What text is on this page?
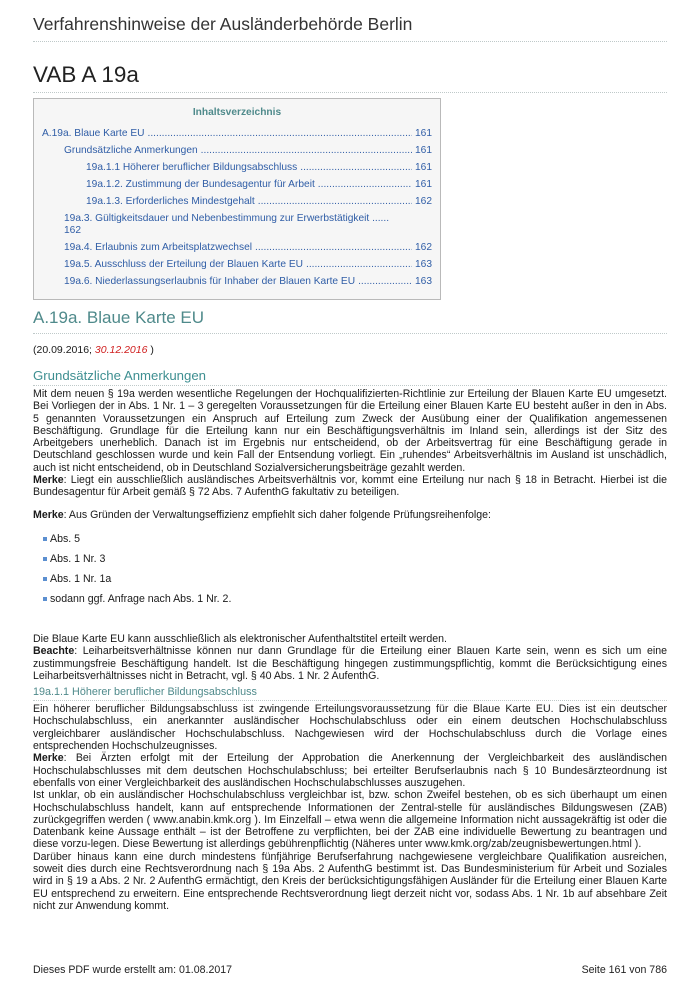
Verfahrenshinweise der Ausländerbehörde Berlin
VAB A 19a
Inhaltsverzeichnis
A.19a. Blaue Karte EU .....	161
Grundsätzliche Anmerkungen .....	161
19a.1.1 Höherer beruflicher Bildungsabschluss .....	161
19a.1.2. Zustimmung der Bundesagentur für Arbeit .....	161
19a.1.3. Erforderliches Mindestgehalt .....	162
19a.3. Gültigkeitsdauer und Nebenbestimmung zur Erwerbstätigkeit ......
162
19a.4. Erlaubnis zum Arbeitsplatzwechsel .....	162
19a.5. Ausschluss der Erteilung der Blauen Karte EU .....	163
19a.6. Niederlassungserlaubnis für Inhaber der Blauen Karte EU .....	163
A.19a. Blaue Karte EU
(20.09.2016; 30.12.2016 )
Grundsätzliche Anmerkungen

Mit dem neuen § 19a werden wesentliche Regelungen der Hochqualifizierten-Richtlinie zur Erteilung der Blauen Karte EU umgesetzt. Bei Vorliegen der in Abs. 1 Nr. 1 – 3 geregelten Voraussetzungen für die Erteilung einer Blauen Karte EU besteht außer in den in Abs. 5 genannten Voraussetzungen ein Anspruch auf Erteilung zum Zweck der Ausübung einer der Qualifikation angemessenen Beschäftigung. Grundlage für die Erteilung kann nur ein Beschäftigungsverhältnis im Inland sein, allerdings ist der Sitz des Arbeitgebers unerheblich. Danach ist im Ergebnis nur entscheidend, ob der Arbeitsvertrag für eine Beschäftigung gerade in Deutschland geschlossen wurde und kein Fall der Entsendung vorliegt. Ein „ruhendes“ Arbeitsverhältnis im Ausland ist unschädlich, auch ist nicht entscheidend, ob in Deutschland Sozialversicherungsbeiträge gezahlt werden.

Merke: Liegt ein ausschließlich ausländisches Arbeitsverhältnis vor, kommt eine Erteilung nur nach § 18 in Betracht. Hierbei ist die Bundesagentur für Arbeit gemäß § 72 Abs. 7 AufenthG fakultativ zu beteiligen.

Merke: Aus Gründen der Verwaltungseffizienz empfiehlt sich daher folgende Prüfungsreihenfolge:

Abs. 5
Abs. 1 Nr. 3
Abs. 1 Nr. 1a
sodann ggf. Anfrage nach Abs. 1 Nr. 2.

Die Blaue Karte EU kann ausschließlich als elektronischer Aufenthaltstitel erteilt werden.

Beachte: Leiharbeitsverhältnisse können nur dann Grundlage für die Erteilung einer Blauen Karte sein, wenn es sich um eine zustimmungsfreie Beschäftigung handelt. Ist die Beschäftigung hingegen zustimmungspflichtig, kommt die Berücksichtigung eines Leiharbeitsverhältnisses nicht in Betracht, vgl. § 40 Abs. 1 Nr. 2 AufenthG.

19a.1.1 Höherer beruflicher Bildungsabschluss

Ein höherer beruflicher Bildungsabschluss ist zwingende Erteilungsvoraussetzung für die Blaue Karte EU. Dies ist ein deutscher Hochschulabschluss, ein anerkannter ausländischer Hochschulabschluss oder ein einem deutschen Hochschulabschluss vergleichbarer ausländischer Hochschulabschluss. Nachgewiesen wird der Hochschulabschluss durch die Vorlage eines entsprechenden Hochschulzeugnisses.

Merke: Bei Ärzten erfolgt mit der Erteilung der Approbation die Anerkennung der Vergleichbarkeit des ausländischen Hochschulabschlusses mit dem deutschen Hochschulabschluss; bei erteilter Berufserlaubnis nach § 10 Bundesärzteordnung ist ebenfalls von einer Vergleichbarkeit des ausländischen Hochschulabschlusses auszugehen.

Ist unklar, ob ein ausländischer Hochschulabschluss vergleichbar ist, bzw. schon Zweifel bestehen, ob es sich überhaupt um einen Hochschulabschluss handelt, kann auf entsprechende Informationen der Zentral-stelle für ausländisches Bildungswesen (ZAB) zurückgegriffen werden ( www.anabin.kmk.org ). Im Einzelfall – etwa wenn die allgemeine Information nicht aussagekräftig ist oder die Datenbank keine Aussage enthält – ist der Betroffene zu verpflichten, bei der ZAB eine individuelle Bewertung zu beantragen und diese vorzu-legen. Diese Bewertung ist allerdings gebührenpflichtig (Näheres unter www.kmk.org/zab/zeugnisbewertungen.html ).

Darüber hinaus kann eine durch mindestens fünfjährige Berufserfahrung nachgewiesene vergleichbare Qualifikation ausreichen, soweit dies durch eine Rechtsverordnung nach § 19a Abs. 2 AufenthG bestimmt ist. Das Bundesministerium für Arbeit und Soziales wird in § 19 a Abs. 2 Nr. 2 AufenthG ermächtigt, den Kreis der berücksichtigungsfähigen Ausländer für die Erteilung einer Blauen Karte EU entsprechend zu erweitern. Eine entsprechende Rechtsverordnung liegt derzeit nicht vor, sodass Abs. 1 Nr. 1b auf absehbare Zeit nicht zur Anwendung kommt.

Dieses PDF wurde erstellt am: 01.08.2017	Seite 161 von 786
